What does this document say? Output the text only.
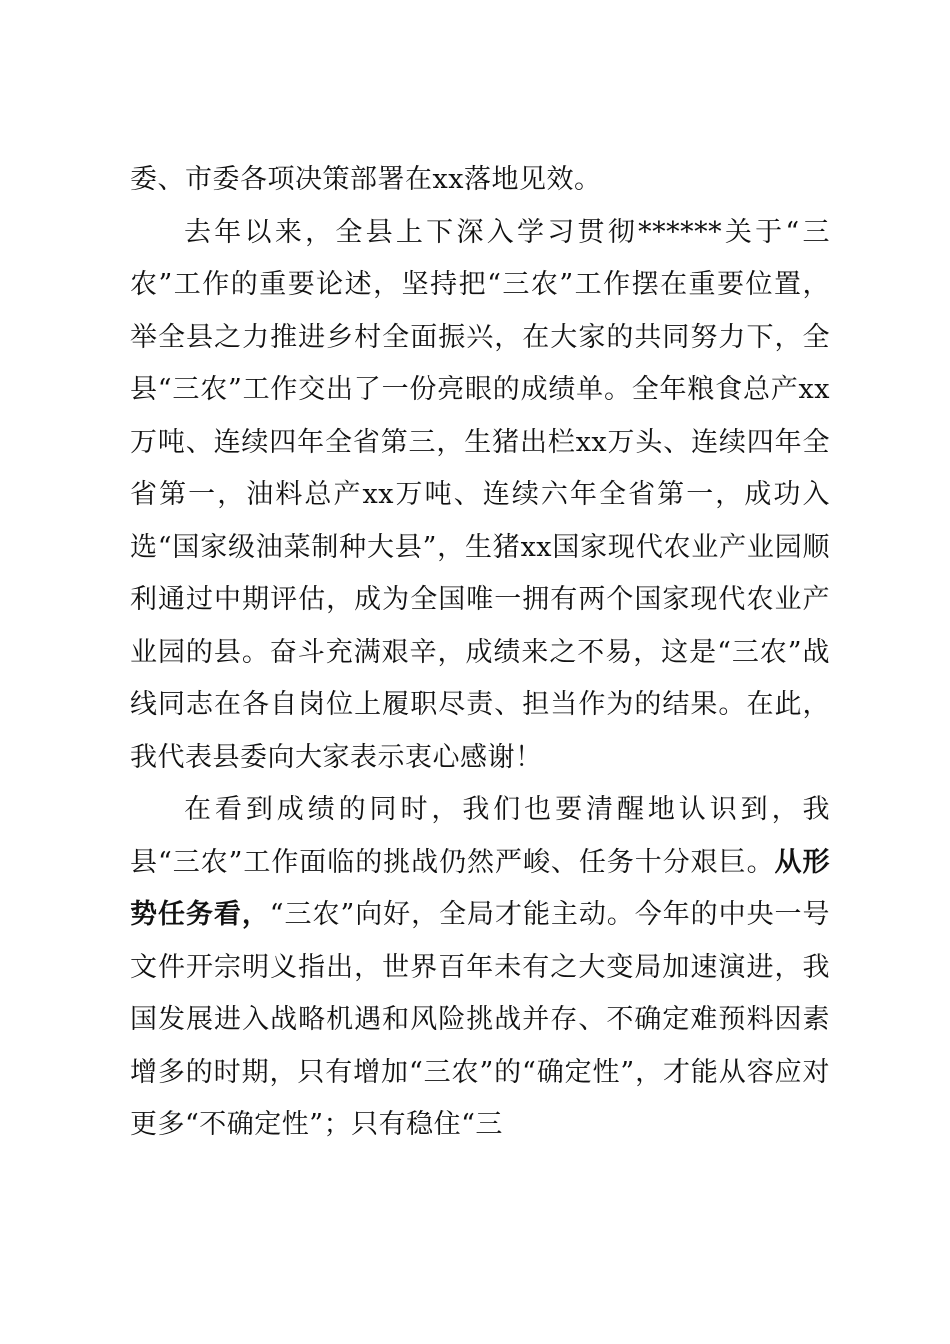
委、市委各项决策部署在xx落地见效。

去年以来，全县上下深入学习贯彻******关于“三农”工作的重要论述，坚持把“三农”工作摆在重要位置，举全县之力推进乡村全面振兴，在大家的共同努力下，全县“三农”工作交出了一份亮眼的成绩单。全年粮食总产xx万吨、连续四年全省第三，生猪出栏xx万头、连续四年全省第一，油料总产xx万吨、连续六年全省第一，成功入选“国家级油菜制种大县”，生猪xx国家现代农业产业园顺利通过中期评估，成为全国唯一拥有两个国家现代农业产业园的县。奋斗充满艰辛，成绩来之不易，这是“三农”战线同志在各自岗位上履职尽责、担当作为的结果。在此，我代表县委向大家表示衷心感谢！

在看到成绩的同时，我们也要清醒地认识到，我县“三农”工作面临的挑战仍然严峻、任务十分艰巨。从形势任务看，“三农”向好，全局才能主动。今年的中央一号文件开宗明义指出，世界百年未有之大变局加速演进，我国发展进入战略机遇和风险挑战并存、不确定难预料因素增多的时期，只有增加“三农”的“确定性”，才能从容应对更多“不确定性”；只有稳住“三
